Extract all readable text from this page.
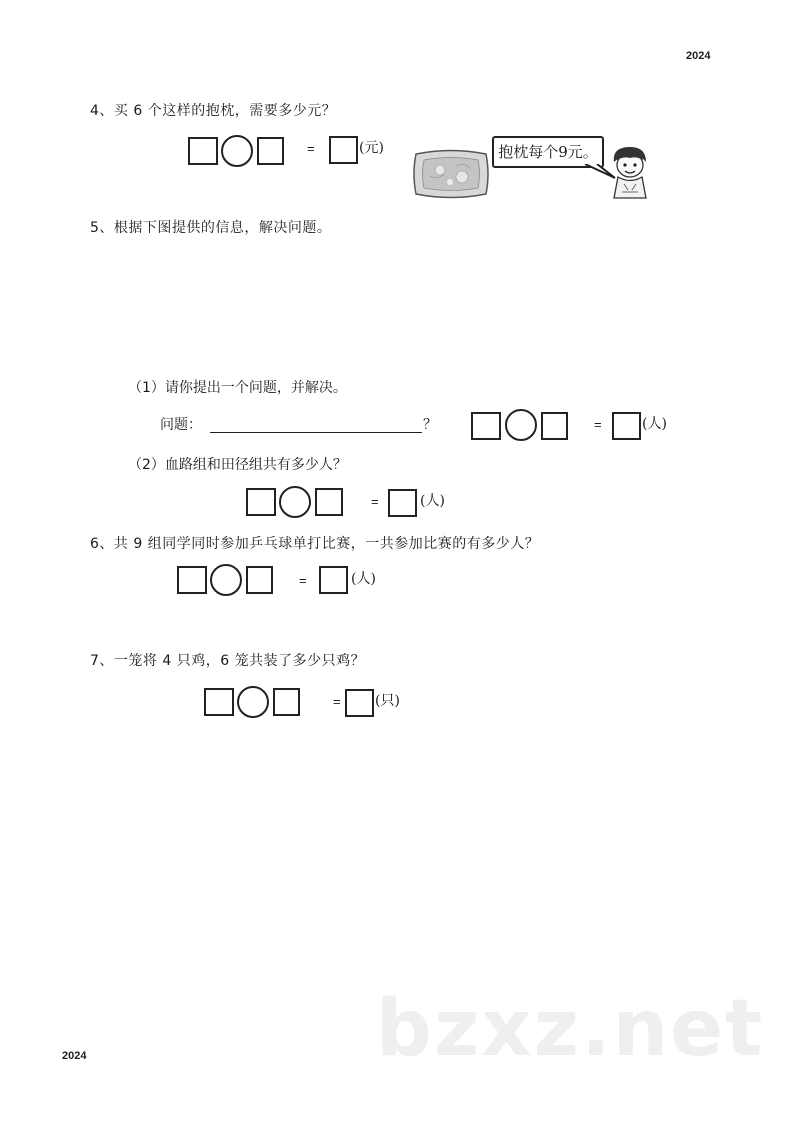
2024
2024
4、买 6 个这样的抱枕，需要多少元？
=	(元)	抱枕每个9元。
5、根据下图提供的信息，解决问题。
（1）请你提出一个问题，并解决。
问题：	？	=	(人)
（2）血路组和田径组共有多少人？
=	(人)
6、共 9 组同学同时参加乒乓球单打比赛，一共参加比赛的有多少人？
=	(人)
7、一笼将 4 只鸡，6 笼共装了多少只鸡？
= (只)
bzxz.net
